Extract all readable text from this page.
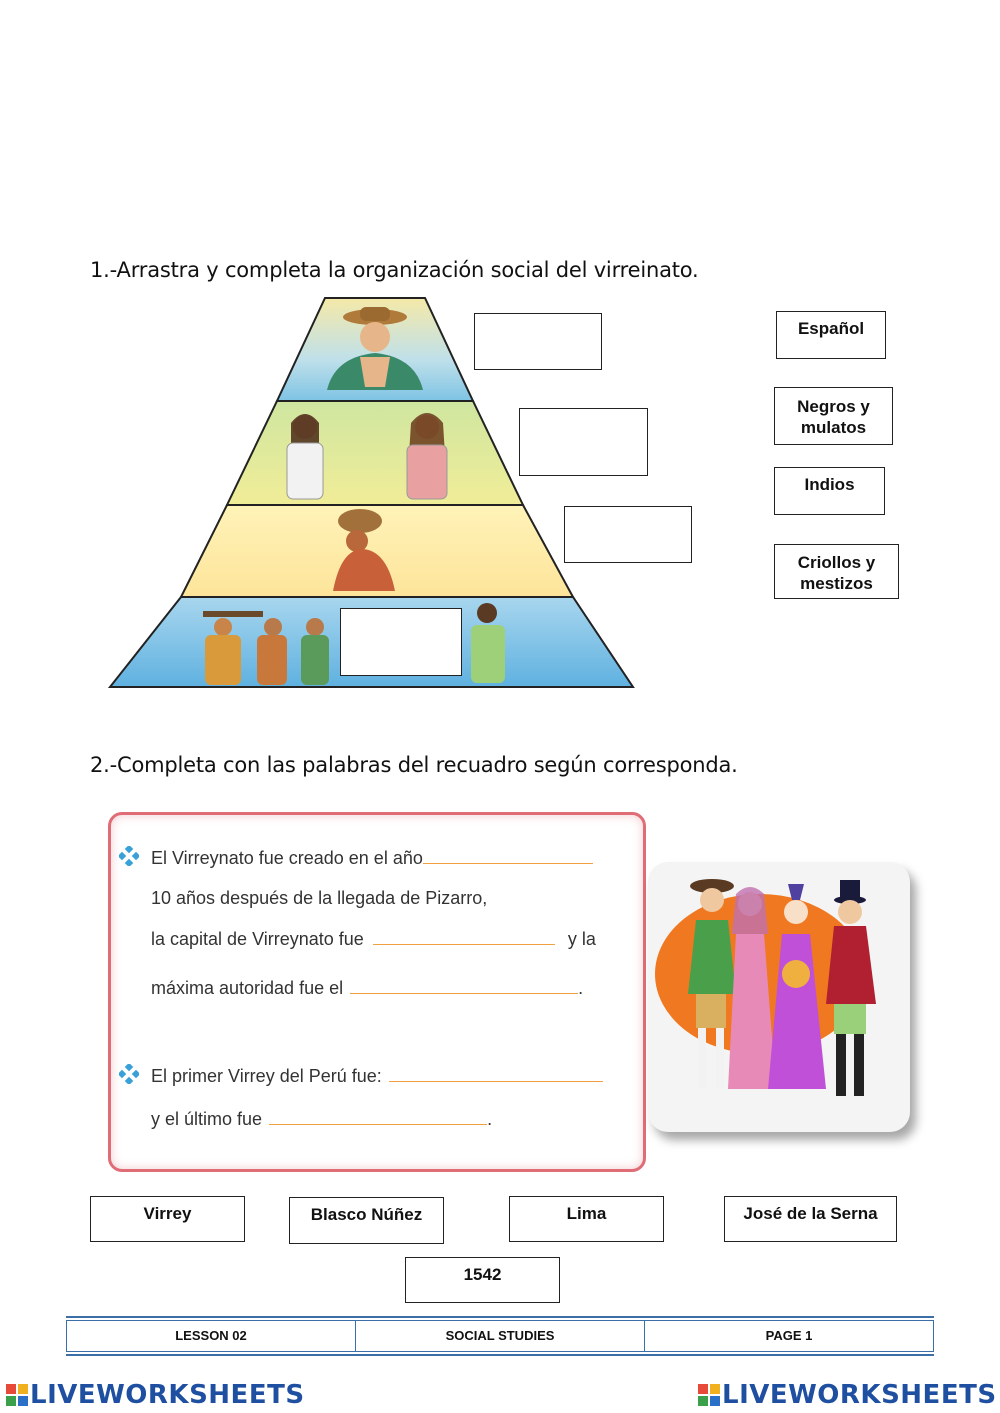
1.-Arrastra y completa la organización social del virreinato.
Español
Negros y
mulatos
Indios
Criollos y
mestizos
2.-Completa con las palabras del recuadro según corresponda.
El Virreynato fue creado en el año
10 años después de la llegada de Pizarro,
la capital de Virreynato fue	y la
máxima autoridad fue el	.
El primer Virrey del Perú fue:
y el último fue	.
Virrey	Blasco Núñez	Lima	José de la Serna
1542
LESSON 02	SOCIAL STUDIES	PAGE 1
LIVEWORKSHEETS	LIVEWORKSHEETS
